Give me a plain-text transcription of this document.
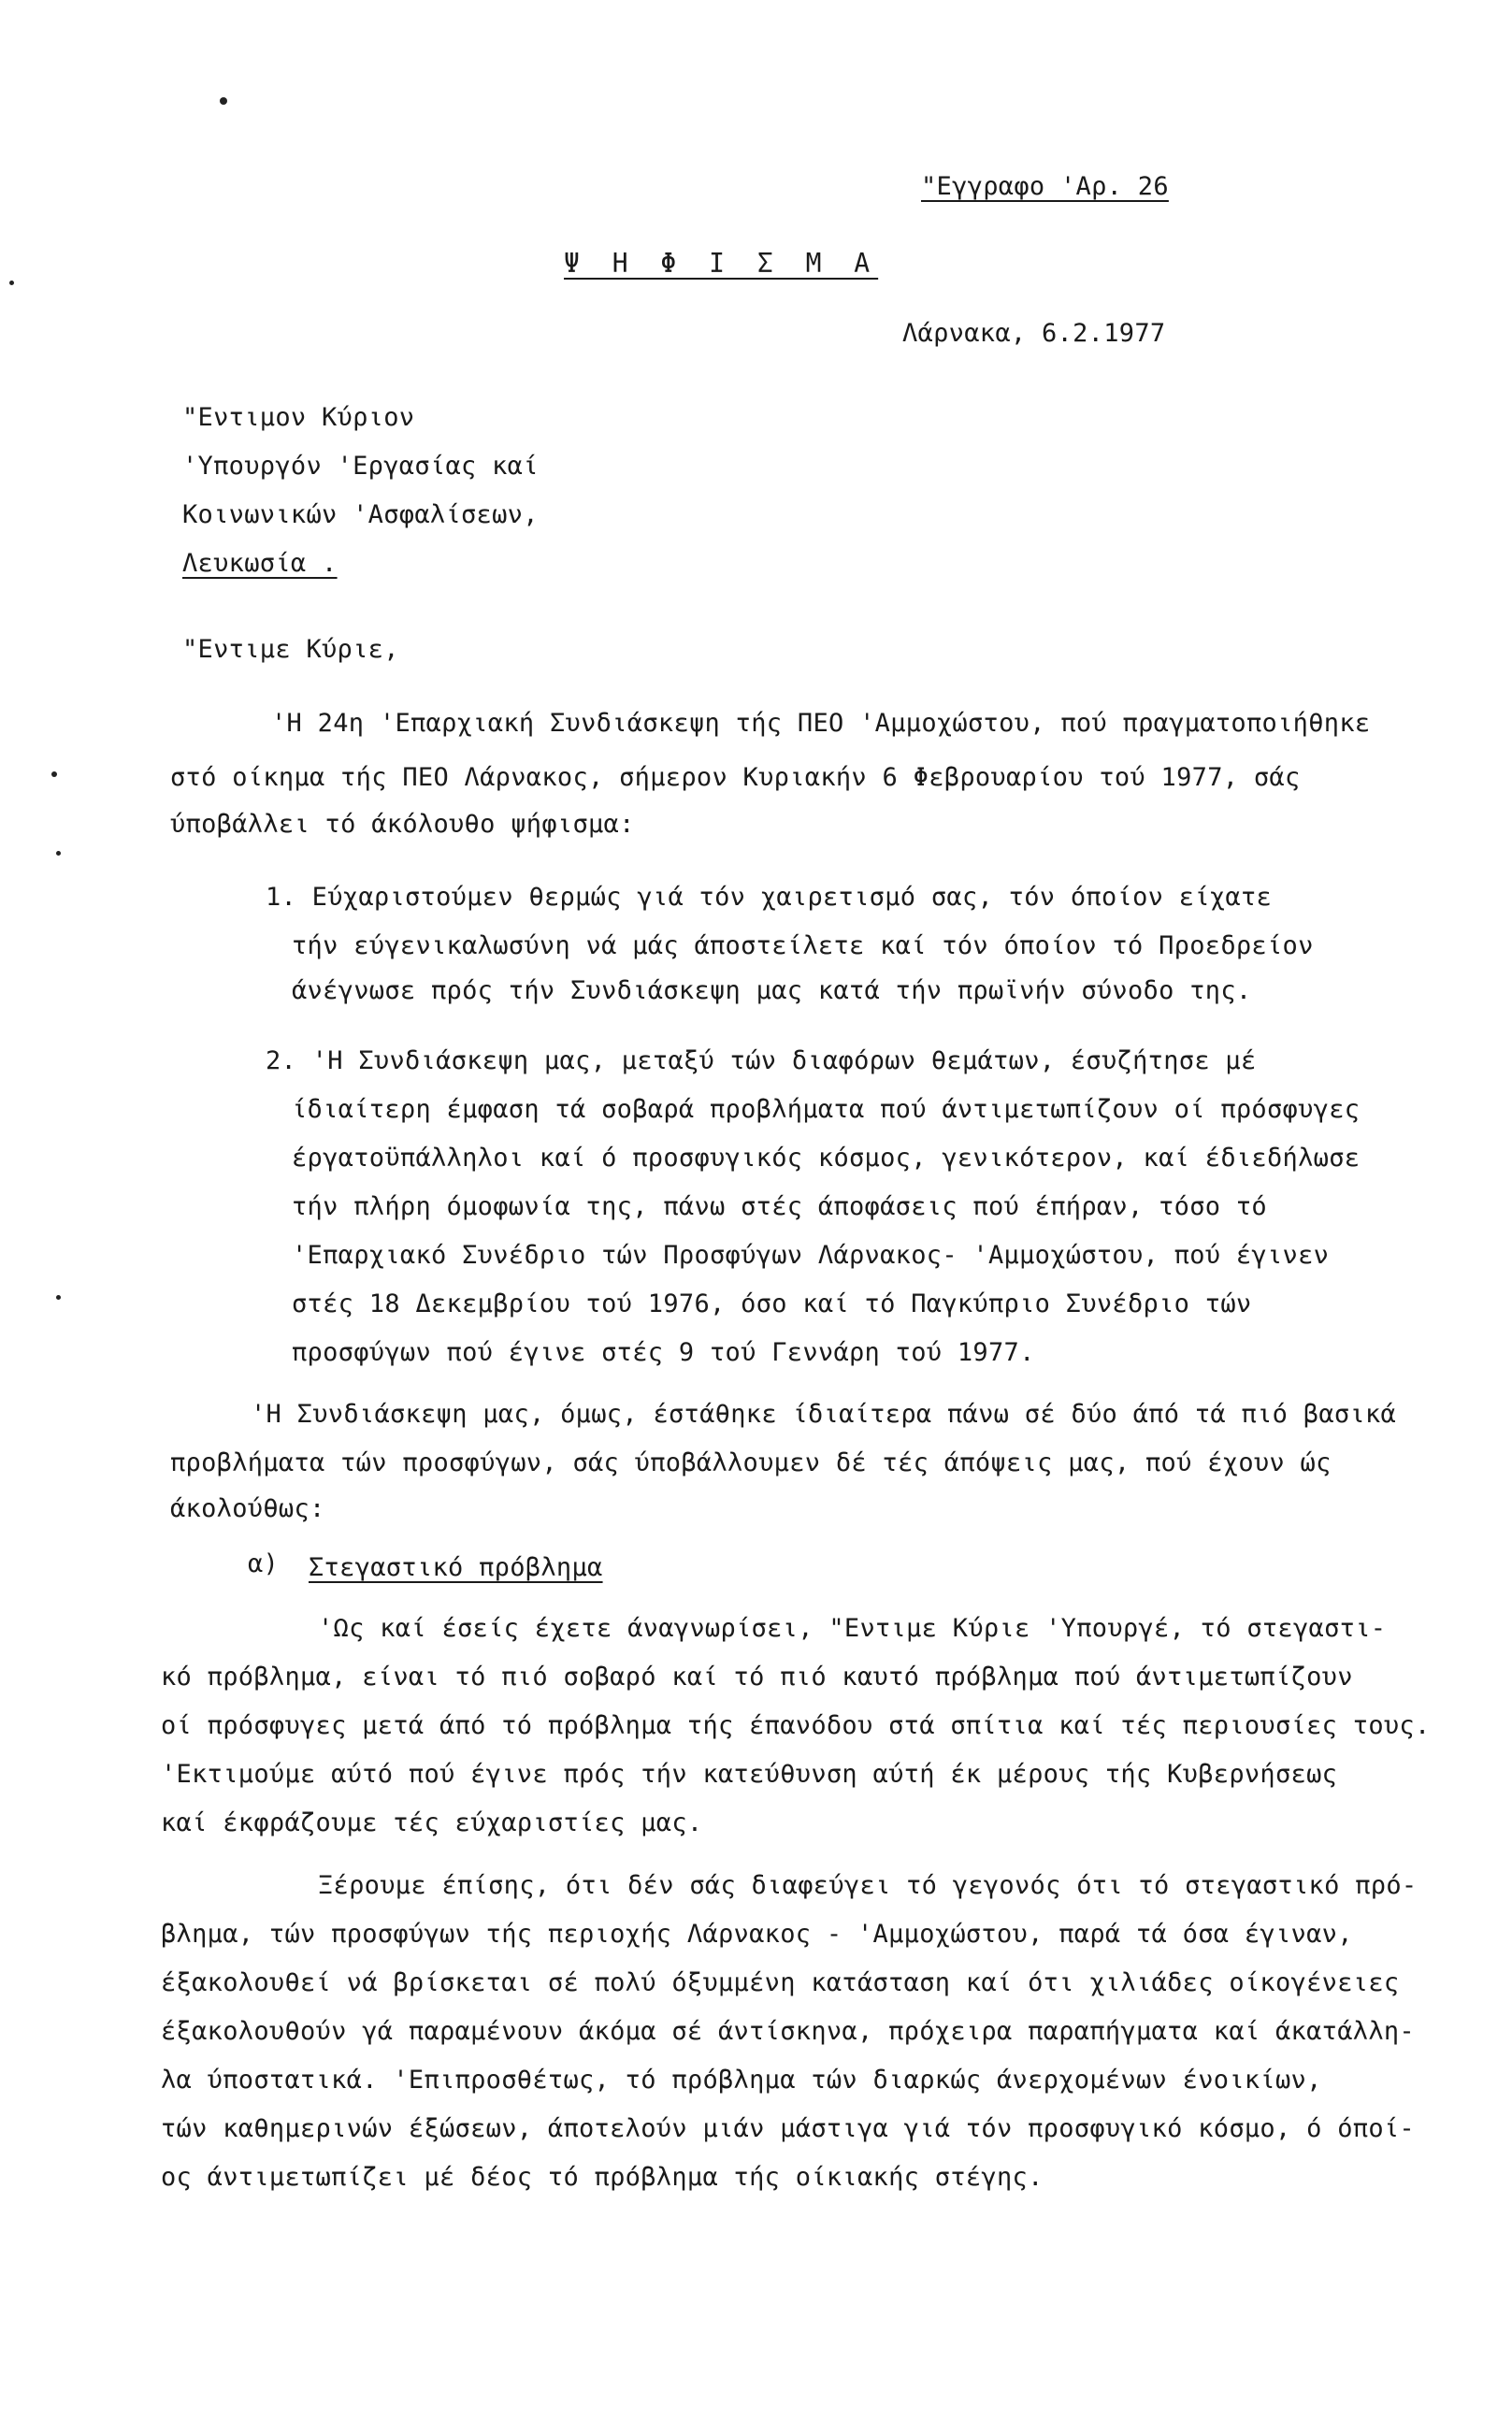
"Εγγραφο 'Αρ. 26
Ψ Η Φ Ι Σ Μ Α
Λάρνακα, 6.2.1977
"Εντιμον Κύριον
'Υπουργόν 'Εργασίας καί
Κοινωνικών 'Ασφαλίσεων,
Λευκωσία .
"Εντιμε Κύριε,
'Η 24η 'Επαρχιακή Συνδιάσκεψη τής ΠΕΟ 'Αμμοχώστου, πού πραγματοποιήθηκε
στό οίκημα τής ΠΕΟ Λάρνακος, σήμερον Κυριακήν 6 Φεβρουαρίου τού 1977, σάς
ύποβάλλει τό άκόλουθο ψήφισμα:
1. Εύχαριστούμεν θερμώς γιά τόν χαιρετισμό σας, τόν όποίον είχατε
τήν εύγενικαλωσύνη νά μάς άποστείλετε καί τόν όποίον τό Προεδρείον
άνέγνωσε πρός τήν Συνδιάσκεψη μας κατά τήν πρωϊνήν σύνοδο της.
2. 'Η Συνδιάσκεψη μας, μεταξύ τών διαφόρων θεμάτων, έσυζήτησε μέ
ίδιαίτερη έμφαση τά σοβαρά προβλήματα πού άντιμετωπίζουν οί πρόσφυγες
έργατοϋπάλληλοι καί ό προσφυγικός κόσμος, γενικότερον, καί έδιεδήλωσε
τήν πλήρη όμοφωνία της, πάνω στές άποφάσεις πού έπήραν, τόσο τό
'Επαρχιακό Συνέδριο τών Προσφύγων Λάρνακος- 'Αμμοχώστου, πού έγινεν
στές 18 Δεκεμβρίου τού 1976, όσο καί τό Παγκύπριο Συνέδριο τών
προσφύγων πού έγινε στές 9 τού Γεννάρη τού 1977.
'Η Συνδιάσκεψη μας, όμως, έστάθηκε ίδιαίτερα πάνω σέ δύο άπό τά πιό βασικά
προβλήματα τών προσφύγων, σάς ύποβάλλουμεν δέ τές άπόψεις μας, πού έχουν ώς
άκολούθως:
α) Στεγαστικό πρόβλημα
'Ως καί έσείς έχετε άναγνωρίσει, "Εντιμε Κύριε 'Υπουργέ, τό στεγαστι-
κό πρόβλημα, είναι τό πιό σοβαρό καί τό πιό καυτό πρόβλημα πού άντιμετωπίζουν
οί πρόσφυγες μετά άπό τό πρόβλημα τής έπανόδου στά σπίτια καί τές περιουσίες τους.
'Εκτιμούμε αύτό πού έγινε πρός τήν κατεύθυνση αύτή έκ μέρους τής Κυβερνήσεως
καί έκφράζουμε τές εύχαριστίες μας.
Ξέρουμε έπίσης, ότι δέν σάς διαφεύγει τό γεγονός ότι τό στεγαστικό πρό-
βλημα, τών προσφύγων τής περιοχής Λάρνακος - 'Αμμοχώστου, παρά τά όσα έγιναν,
έξακολουθεί νά βρίσκεται σέ πολύ όξυμμένη κατάσταση καί ότι χιλιάδες οίκογένειες
έξακολουθούν γά παραμένουν άκόμα σέ άντίσκηνα, πρόχειρα παραπήγματα καί άκατάλλη-
λα ύποστατικά. 'Επιπροσθέτως, τό πρόβλημα τών διαρκώς άνερχομένων ένοικίων,
τών καθημερινών έξώσεων, άποτελούν μιάν μάστιγα γιά τόν προσφυγικό κόσμο, ό όποί-
ος άντιμετωπίζει μέ δέος τό πρόβλημα τής οίκιακής στέγης.
